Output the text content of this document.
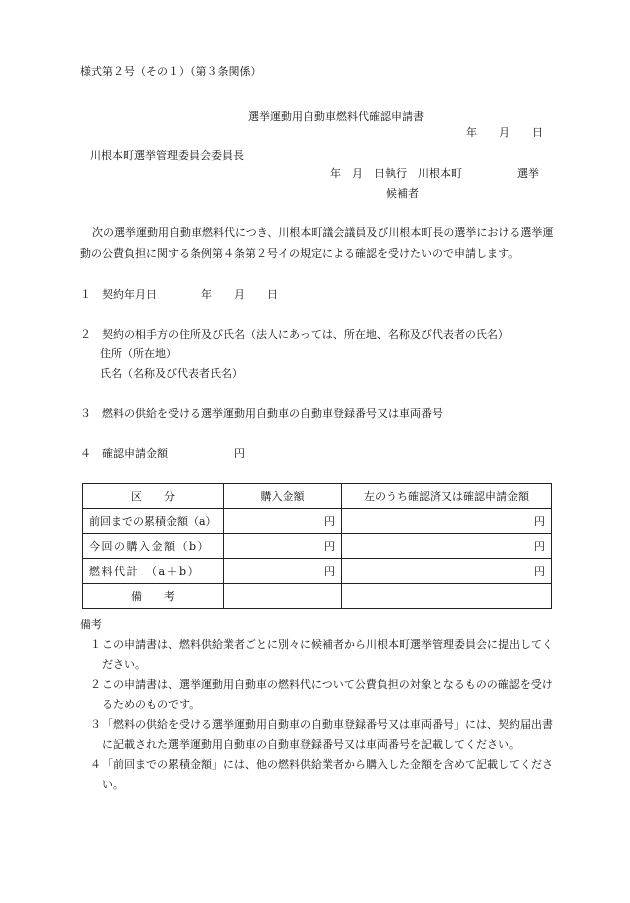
様式第２号（その１）（第３条関係）
選挙運動用自動車燃料代確認申請書
年　　月　　日
川根本町選挙管理委員会委員長
年　月　日執行　川根本町　　　　　選挙
候補者
次の選挙運動用自動車燃料代につき、川根本町議会議員及び川根本町長の選挙における選挙運
動の公費負担に関する条例第４条第２号イの規定による確認を受けたいので申請します。
１　契約年月日　　　　年　　月　　日
２　契約の相手方の住所及び氏名（法人にあっては、所在地、名称及び代表者の氏名）
住所（所在地）
氏名（名称及び代表者氏名）
３　燃料の供給を受ける選挙運動用自動車の自動車登録番号又は車両番号
４　確認申請金額　　　　　　円
区　　分	購入金額	左のうち確認済又は確認申請金額
前回までの累積金額（a）	円	円
今回の購入金額（b）	円	円
燃料代計　（a＋b）	円	円
備　　考		
備考
１ この申請書は、燃料供給業者ごとに別々に候補者から川根本町選挙管理委員会に提出してください。
２ この申請書は、選挙運動用自動車の燃料代について公費負担の対象となるものの確認を受けるためのものです。
３ 「燃料の供給を受ける選挙運動用自動車の自動車登録番号又は車両番号」には、契約届出書に記載された選挙運動用自動車の自動車登録番号又は車両番号を記載してください。
４ 「前回までの累積金額」には、他の燃料供給業者から購入した金額を含めて記載してください。
